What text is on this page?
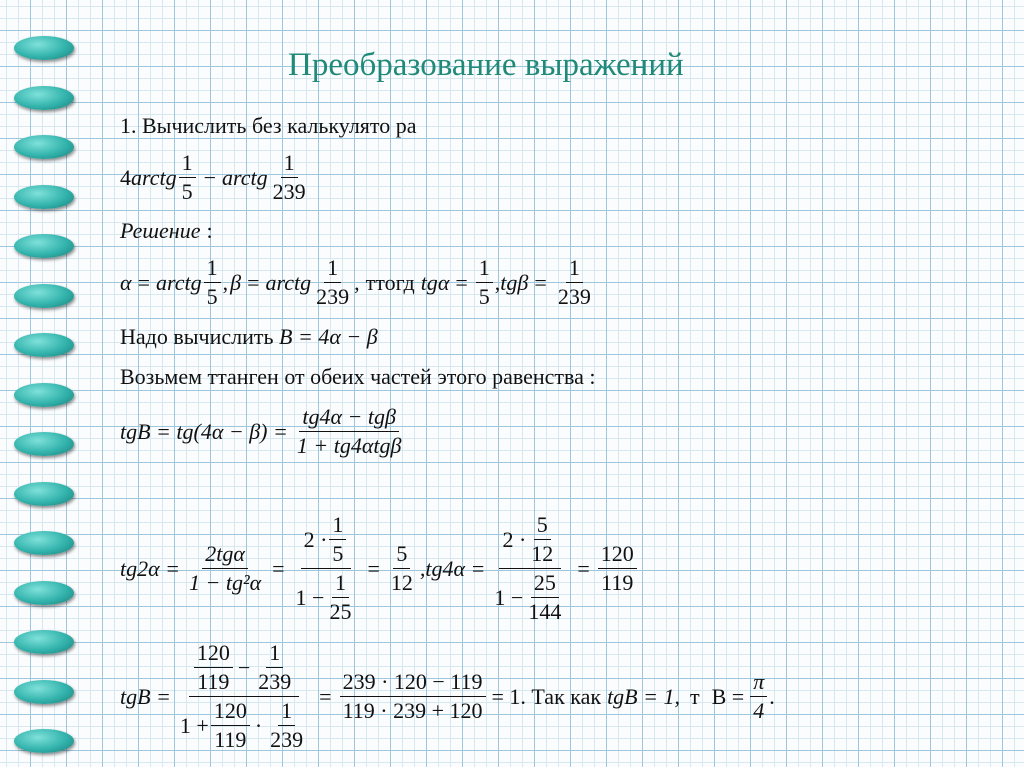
Преобразование выражений
1. Вычислить без калькулято ра
4 arctg $\frac{1}{5}$ − arctg $\frac{1}{239}$
Решение :
α = arctg $\frac{1}{5}$ , β = arctg $\frac{1}{239}$ , ттогд tg $\alpha = \frac{1}{5}$ , tg $\beta = \frac{1}{239}$
Надо вычислить B = 4α − β
Возьмем ттанген от обеих частей этого равенства :
tgB = $tg(4\alpha - \beta) = \frac{\text{tg4α − tgβ}}{\text{1 + tg4αtgβ}}$
$tg2\alpha = \frac{\text{2tgα}}{\text{1 − tg²α}} = \frac{2 \cdot \frac{1}{5}}{1 - \frac{1}{25}} = \frac{5}{12} ,tg4\alpha = \frac{2 \cdot \frac{5}{12}}{1 - \frac{25}{144}} = \frac{120}{119}$
tgB = $\frac{\frac{120}{119} - \frac{1}{239}}{1 + \frac{120}{119} \cdot \frac{1}{239}} = \frac{239 \cdot 120 - 119}{119 \cdot 239 + 120} = 1$. Так как tgB = 1, т $B = \frac{\pi}{4}$ .
